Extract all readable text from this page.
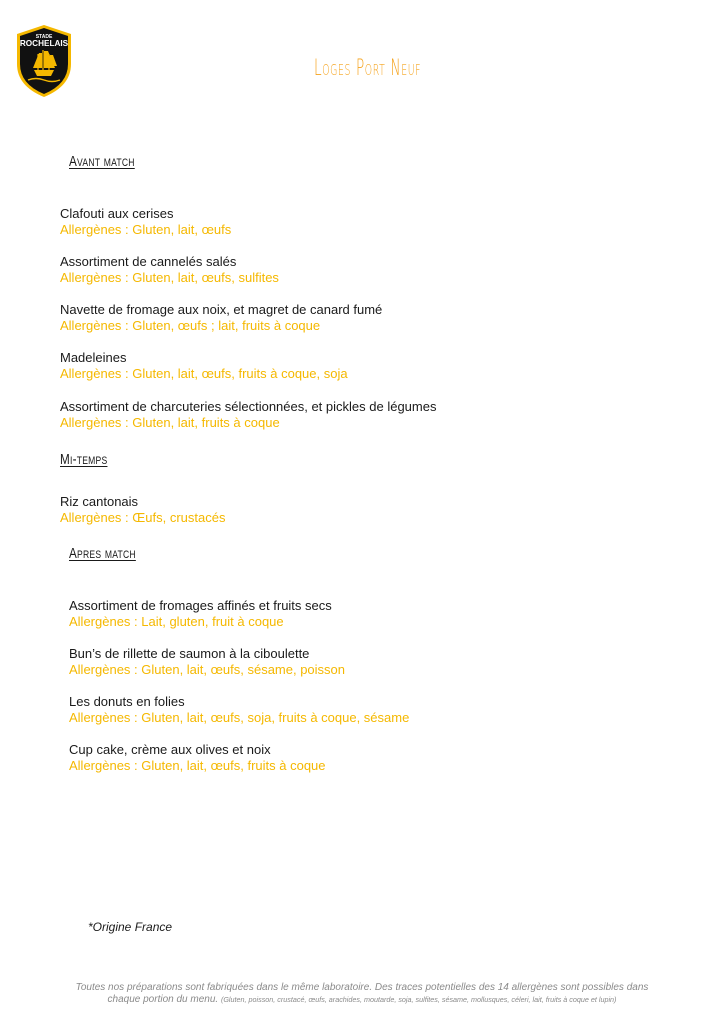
STADE
ROCHELAIS
Loges Port Neuf
Avant match
Clafouti aux cerises
Allergènes : Gluten, lait, œufs
Assortiment de cannelés salés
Allergènes : Gluten, lait, œufs, sulfites
Navette de fromage aux noix, et magret de canard fumé
Allergènes : Gluten, œufs ; lait, fruits à coque
Madeleines
Allergènes : Gluten, lait, œufs, fruits à coque, soja
Assortiment de charcuteries sélectionnées, et pickles de légumes
Allergènes : Gluten, lait, fruits à coque
Mi-temps
Riz cantonais
Allergènes : Œufs, crustacés
Apres match
Assortiment de fromages affinés et fruits secs
Allergènes : Lait, gluten, fruit à coque
Bun’s de rillette de saumon à la ciboulette
Allergènes : Gluten, lait, œufs, sésame, poisson
Les donuts en folies
Allergènes : Gluten, lait, œufs, soja, fruits à coque, sésame
Cup cake, crème aux olives et noix
Allergènes : Gluten, lait, œufs, fruits à coque
*Origine France
Toutes nos préparations sont fabriquées dans le même laboratoire. Des traces potentielles des 14 allergènes sont possibles dans
chaque portion du menu. (Gluten, poisson, crustacé, œufs, arachides, moutarde, soja, sulfites, sésame, mollusques, céleri, lait, fruits à coque et lupin)
